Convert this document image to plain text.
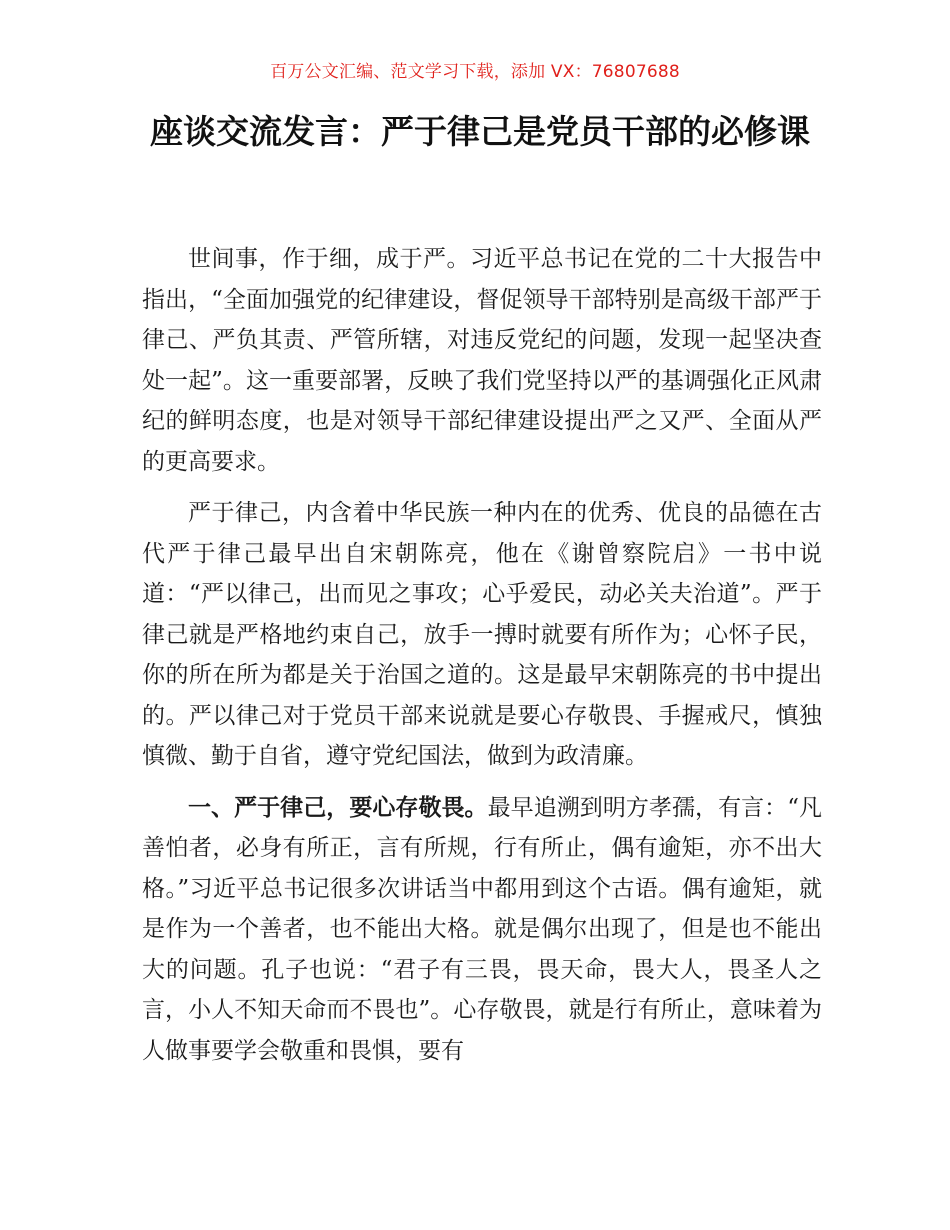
百万公文汇编、范文学习下载，添加 VX：76807688
座谈交流发言：严于律己是党员干部的必修课

世间事，作于细，成于严。习近平总书记在党的二十大报告中指出，“全面加强党的纪律建设，督促领导干部特别是高级干部严于律己、严负其责、严管所辖，对违反党纪的问题，发现一起坚决查处一起”。这一重要部署，反映了我们党坚持以严的基调强化正风肃纪的鲜明态度，也是对领导干部纪律建设提出严之又严、全面从严的更高要求。

严于律己，内含着中华民族一种内在的优秀、优良的品德在古代严于律己最早出自宋朝陈亮，他在《谢曾察院启》一书中说道：“严以律己，出而见之事攻；心乎爱民，动必关夫治道”。严于律己就是严格地约束自己，放手一搏时就要有所作为；心怀子民，你的所在所为都是关于治国之道的。这是最早宋朝陈亮的书中提出的。严以律己对于党员干部来说就是要心存敬畏、手握戒尺，慎独慎微、勤于自省，遵守党纪国法，做到为政清廉。

一、严于律己，要心存敬畏。最早追溯到明方孝孺，有言：“凡善怕者，必身有所正，言有所规，行有所止，偶有逾矩，亦不出大格。”习近平总书记很多次讲话当中都用到这个古语。偶有逾矩，就是作为一个善者，也不能出大格。就是偶尔出现了，但是也不能出大的问题。孔子也说：“君子有三畏，畏天命，畏大人，畏圣人之言，小人不知天命而不畏也”。心存敬畏，就是行有所止，意味着为人做事要学会敬重和畏惧，要有
